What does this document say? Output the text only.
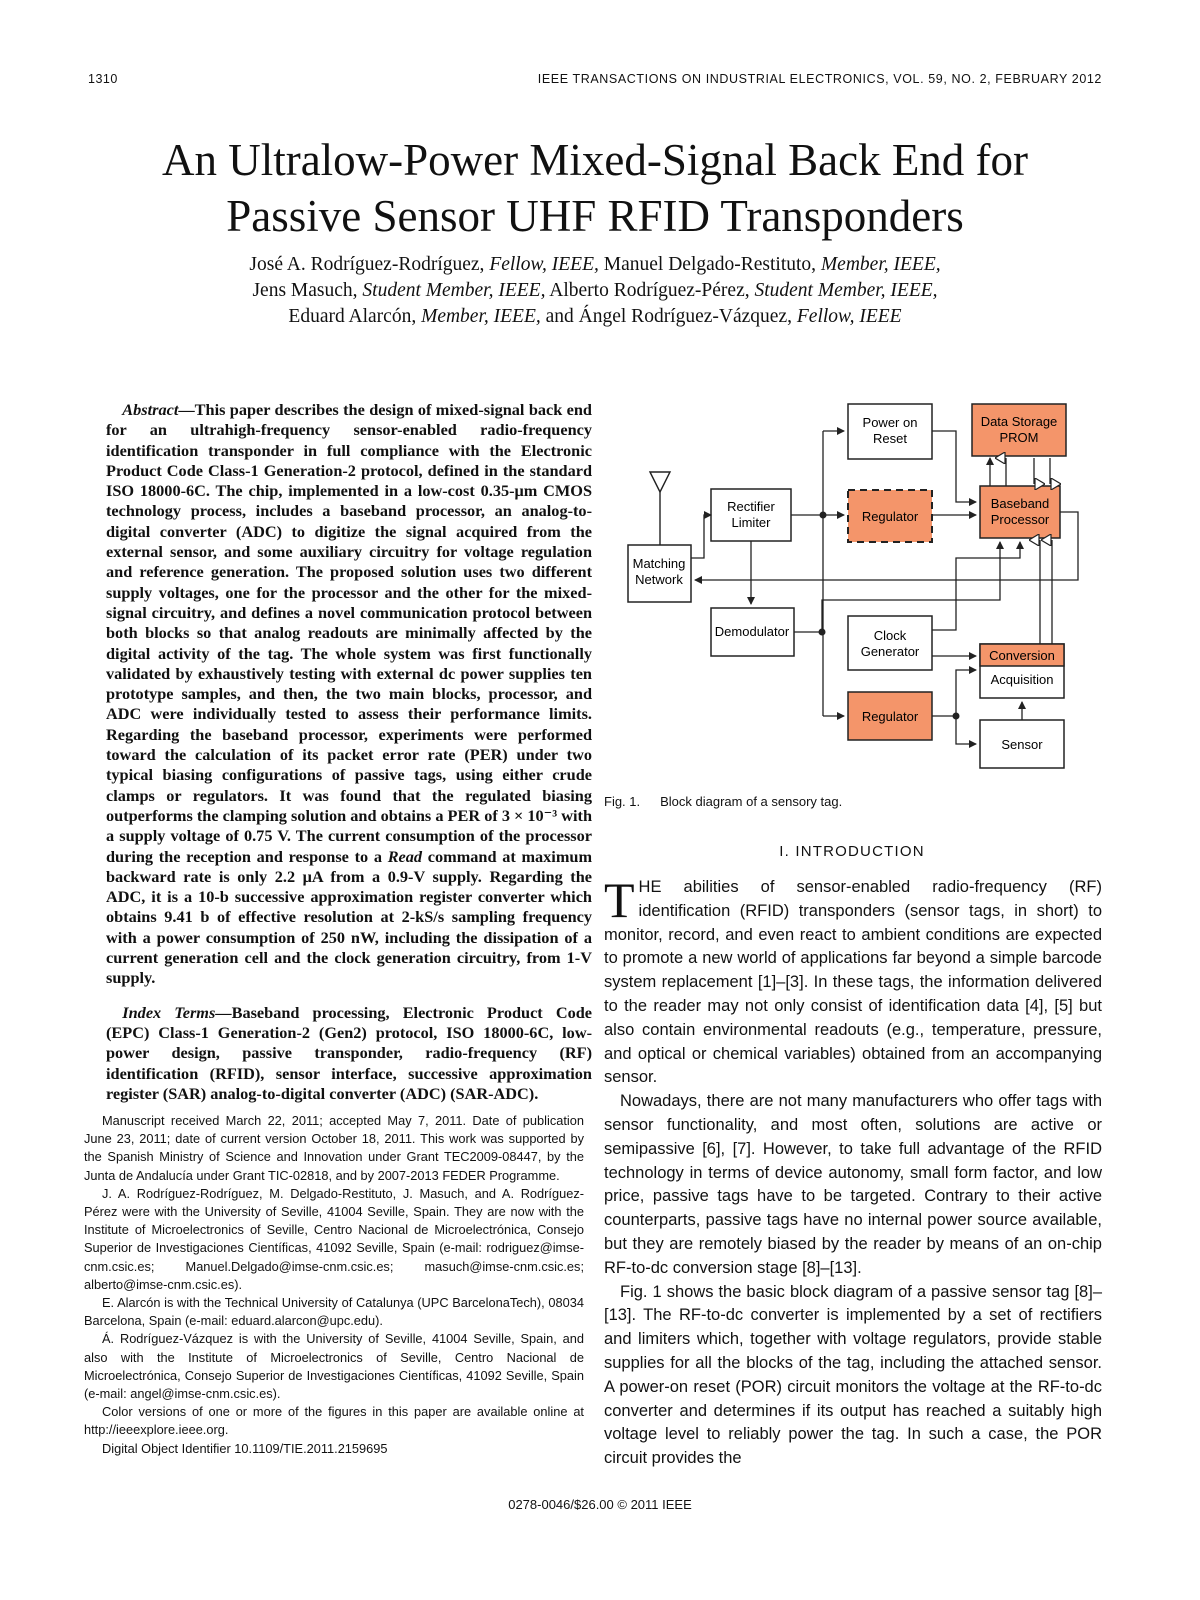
1310	IEEE TRANSACTIONS ON INDUSTRIAL ELECTRONICS, VOL. 59, NO. 2, FEBRUARY 2012
An Ultralow-Power Mixed-Signal Back End for
Passive Sensor UHF RFID Transponders
José A. Rodríguez-Rodríguez, Fellow, IEEE, Manuel Delgado-Restituto, Member, IEEE,
Jens Masuch, Student Member, IEEE, Alberto Rodríguez-Pérez, Student Member, IEEE,
Eduard Alarcón, Member, IEEE, and Ángel Rodríguez-Vázquez, Fellow, IEEE

 Abstract—This paper describes the design of mixed-signal back end for an ultrahigh-frequency sensor-enabled radio-frequency identification transponder in full compliance with the Electronic Product Code Class-1 Generation-2 protocol, defined in the standard ISO 18000-6C. The chip, implemented in a low-cost 0.35-μm CMOS technology process, includes a baseband processor, an analog-to-digital converter (ADC) to digitize the signal acquired from the external sensor, and some auxiliary circuitry for voltage regulation and reference generation. The proposed solution uses two different supply voltages, one for the processor and the other for the mixed-signal circuitry, and defines a novel communication protocol between both blocks so that analog readouts are minimally affected by the digital activity of the tag. The whole system was first functionally validated by exhaustively testing with external dc power supplies ten prototype samples, and then, the two main blocks, processor, and ADC were individually tested to assess their performance limits. Regarding the baseband processor, experiments were performed toward the calculation of its packet error rate (PER) under two typical biasing configurations of passive tags, using either crude clamps or regulators. It was found that the regulated biasing outperforms the clamping solution and obtains a PER of 3 × 10⁻³ with a supply voltage of 0.75 V. The current consumption of the processor during the reception and response to a Read command at maximum backward rate is only 2.2 μA from a 0.9-V supply. Regarding the ADC, it is a 10-b successive approximation register converter which obtains 9.41 b of effective resolution at 2-kS/s sampling frequency with a power consumption of 250 nW, including the dissipation of a current generation cell and the clock generation circuitry, from 1-V supply.

 Index Terms—Baseband processing, Electronic Product Code (EPC) Class-1 Generation-2 (Gen2) protocol, ISO 18000-6C, low-power design, passive transponder, radio-frequency (RF) identification (RFID), sensor interface, successive approximation register (SAR) analog-to-digital converter (ADC) (SAR-ADC).

Manuscript received March 22, 2011; accepted May 7, 2011. Date of publication June 23, 2011; date of current version October 18, 2011. This work was supported by the Spanish Ministry of Science and Innovation under Grant TEC2009-08447, by the Junta de Andalucía under Grant TIC-02818, and by 2007-2013 FEDER Programme.

J. A. Rodríguez-Rodríguez, M. Delgado-Restituto, J. Masuch, and A. Rodríguez-Pérez were with the University of Seville, 41004 Seville, Spain. They are now with the Institute of Microelectronics of Seville, Centro Nacional de Microelectrónica, Consejo Superior de Investigaciones Científicas, 41092 Seville, Spain (e-mail: rodriguez@imse-cnm.csic.es; Manuel.Delgado@imse-cnm.csic.es; masuch@imse-cnm.csic.es; alberto@imse-cnm.csic.es).

E. Alarcón is with the Technical University of Catalunya (UPC BarcelonaTech), 08034 Barcelona, Spain (e-mail: eduard.alarcon@upc.edu).

Á. Rodríguez-Vázquez is with the University of Seville, 41004 Seville, Spain, and also with the Institute of Microelectronics of Seville, Centro Nacional de Microelectrónica, Consejo Superior de Investigaciones Científicas, 41092 Seville, Spain (e-mail: angel@imse-cnm.csic.es).

Color versions of one or more of the figures in this paper are available online at http://ieeexplore.ieee.org.

Digital Object Identifier 10.1109/TIE.2011.2159695

Matching
Network
Rectifier
Limiter
Demodulator
Power on
Reset
Regulator
Clock
Generator
Regulator
Data Storage
PROM
Baseband
Processor
Conversion
Acquisition
Sensor
Fig. 1. Block diagram of a sensory tag.
I. INTRODUCTION

THE abilities of sensor-enabled radio-frequency (RF) identification (RFID) transponders (sensor tags, in short) to monitor, record, and even react to ambient conditions are expected to promote a new world of applications far beyond a simple barcode system replacement [1]–[3]. In these tags, the information delivered to the reader may not only consist of identification data [4], [5] but also contain environmental readouts (e.g., temperature, pressure, and optical or chemical variables) obtained from an accompanying sensor.

Nowadays, there are not many manufacturers who offer tags with sensor functionality, and most often, solutions are active or semipassive [6], [7]. However, to take full advantage of the RFID technology in terms of device autonomy, small form factor, and low price, passive tags have to be targeted. Contrary to their active counterparts, passive tags have no internal power source available, but they are remotely biased by the reader by means of an on-chip RF-to-dc conversion stage [8]–[13].

Fig. 1 shows the basic block diagram of a passive sensor tag [8]–[13]. The RF-to-dc converter is implemented by a set of rectifiers and limiters which, together with voltage regulators, provide stable supplies for all the blocks of the tag, including the attached sensor. A power-on reset (POR) circuit monitors the voltage at the RF-to-dc converter and determines if its output has reached a suitably high voltage level to reliably power the tag. In such a case, the POR circuit provides the

0278-0046/$26.00 © 2011 IEEE
